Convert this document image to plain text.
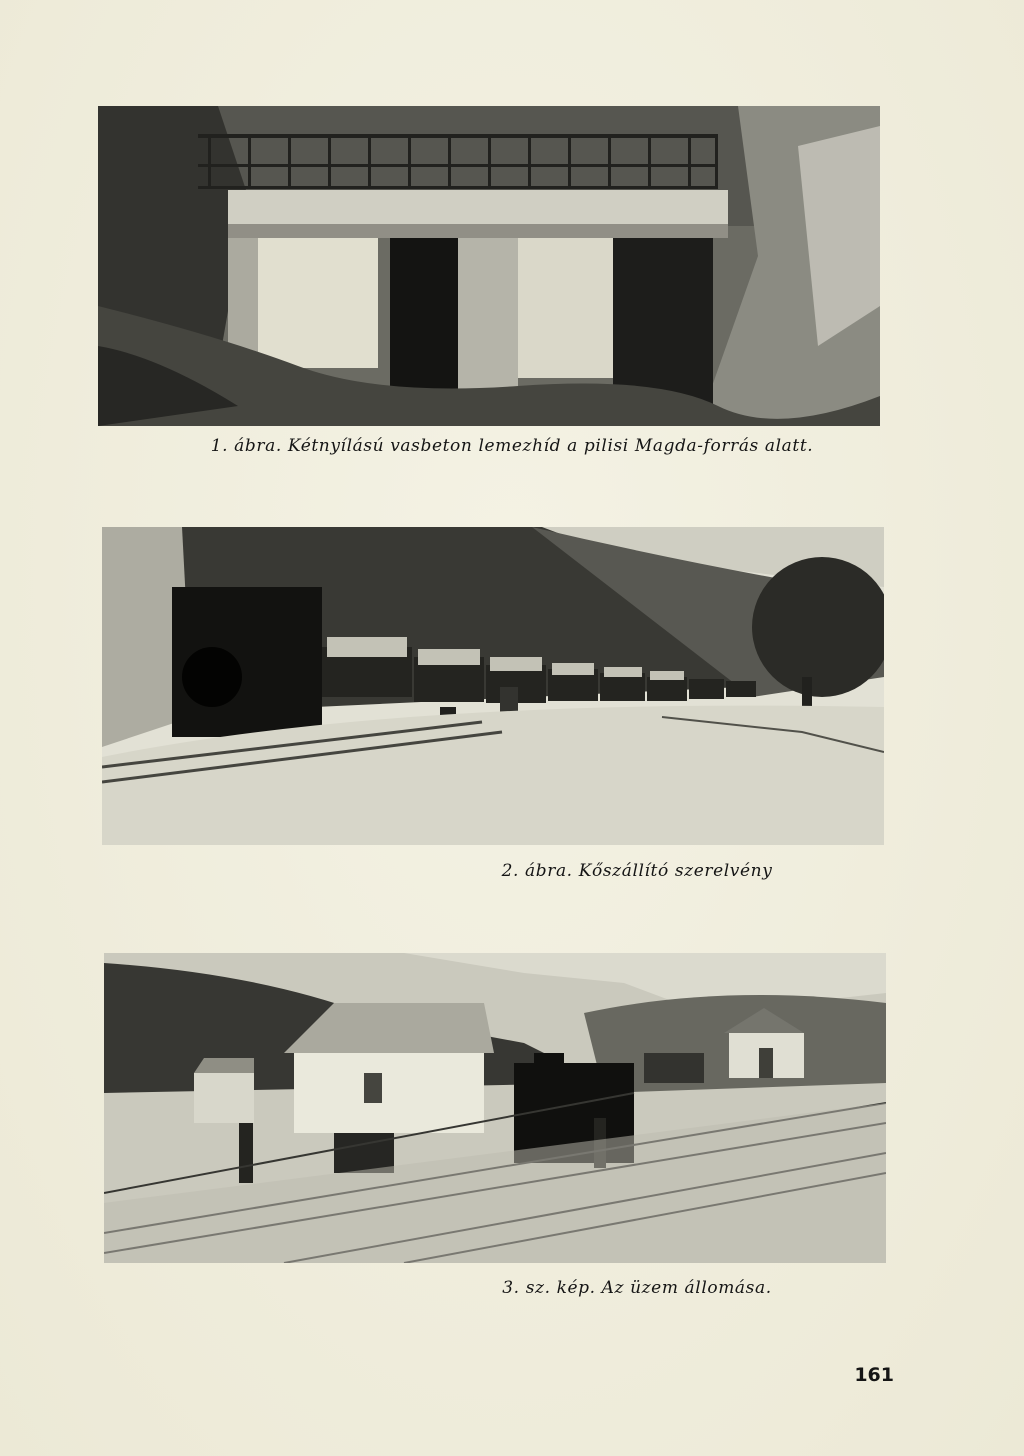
1. ábra. Kétnyílású vasbeton lemezhíd a pilisi Magda-forrás alatt.
2. ábra. Kőszállító szerelvény
3. sz. kép. Az üzem állomása.
161
